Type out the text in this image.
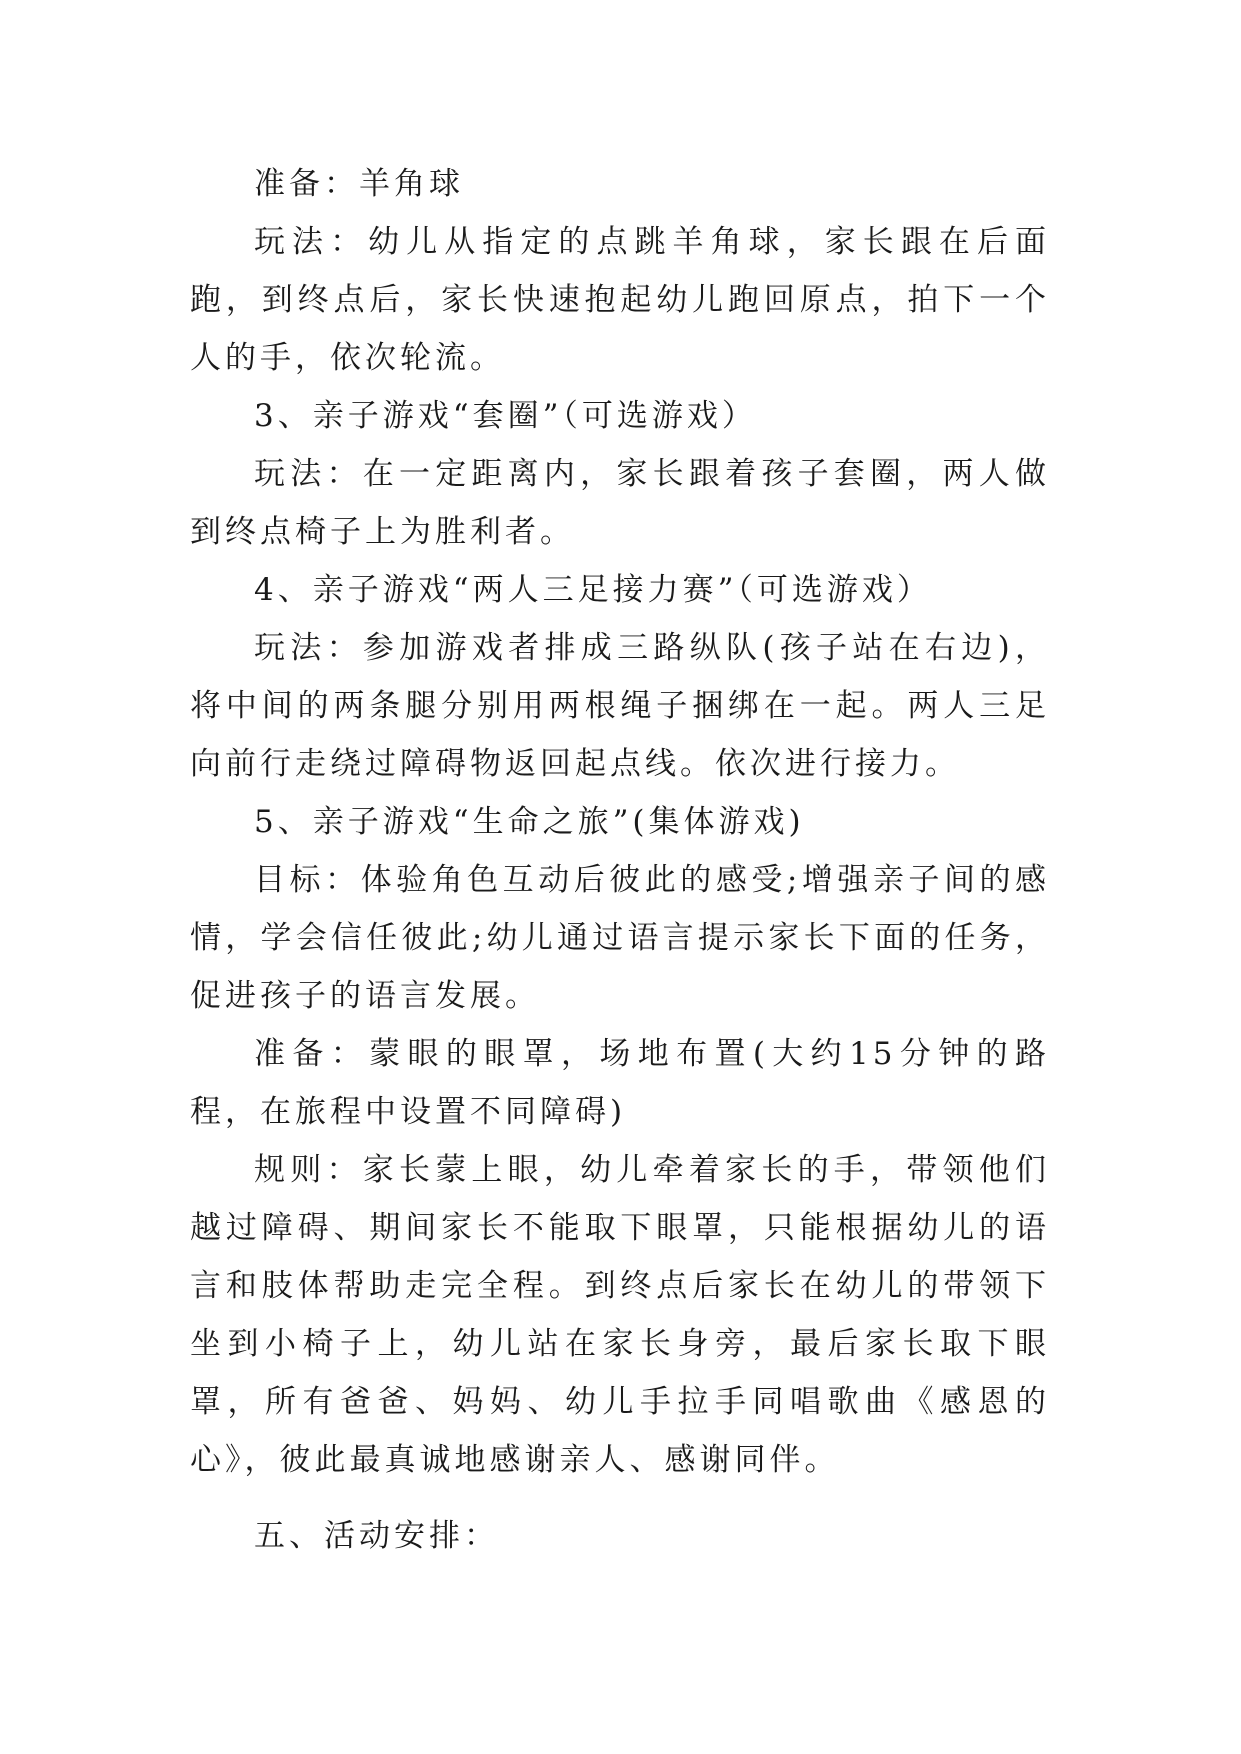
准备：羊角球

玩法：幼儿从指定的点跳羊角球，家长跟在后面跑，到终点后，家长快速抱起幼儿跑回原点，拍下一个人的手，依次轮流。

3、亲子游戏“套圈”（可选游戏）

玩法：在一定距离内，家长跟着孩子套圈，两人做到终点椅子上为胜利者。

4、亲子游戏“两人三足接力赛”（可选游戏）

玩法：参加游戏者排成三路纵队(孩子站在右边)，将中间的两条腿分别用两根绳子捆绑在一起。两人三足向前行走绕过障碍物返回起点线。依次进行接力。

5、亲子游戏“生命之旅”(集体游戏)

目标：体验角色互动后彼此的感受;增强亲子间的感情，学会信任彼此;幼儿通过语言提示家长下面的任务，促进孩子的语言发展。

准备：蒙眼的眼罩，场地布置(大约15分钟的路程，在旅程中设置不同障碍)

规则：家长蒙上眼，幼儿牵着家长的手，带领他们越过障碍、期间家长不能取下眼罩，只能根据幼儿的语言和肢体帮助走完全程。到终点后家长在幼儿的带领下坐到小椅子上，幼儿站在家长身旁，最后家长取下眼罩，所有爸爸、妈妈、幼儿手拉手同唱歌曲《感恩的心》，彼此最真诚地感谢亲人、感谢同伴。

五、活动安排：
